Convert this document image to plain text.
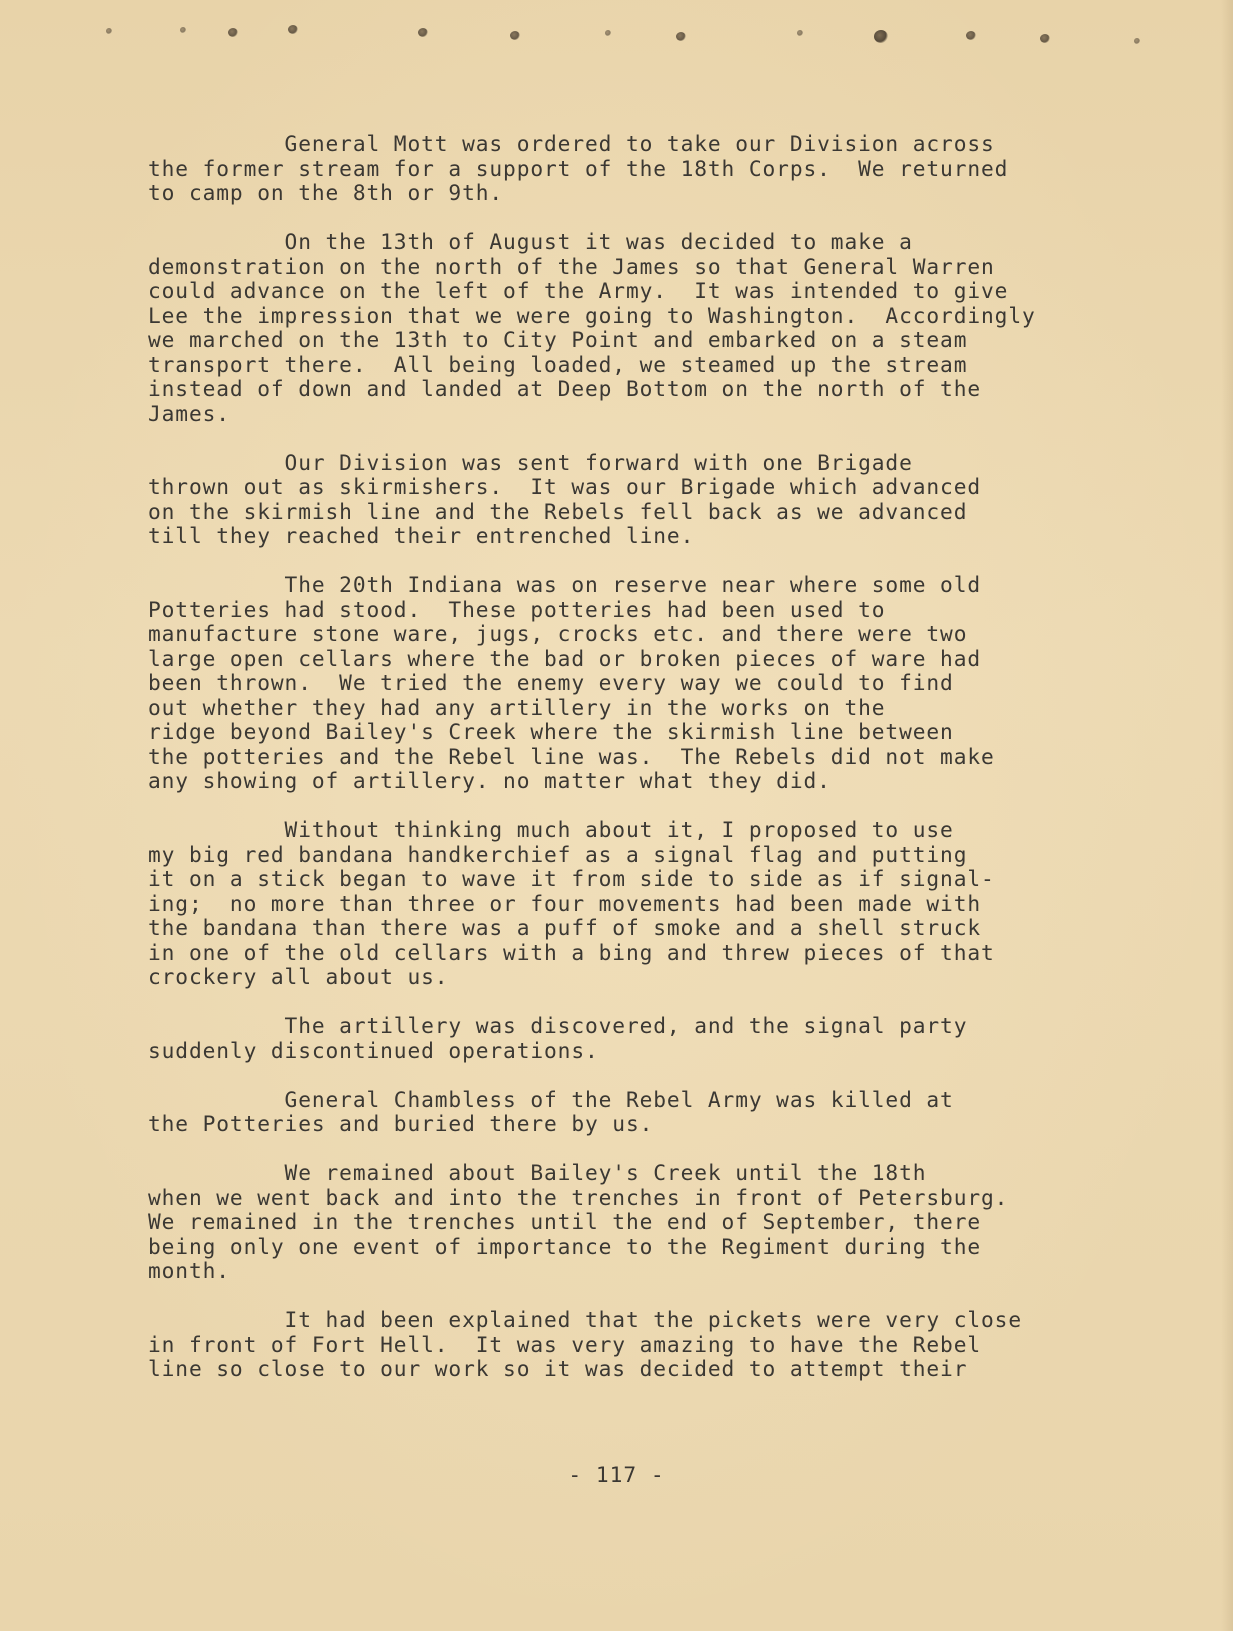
General Mott was ordered to take our Division across
the former stream for a support of the 18th Corps.  We returned
to camp on the 8th or 9th.
On the 13th of August it was decided to make a
demonstration on the north of the James so that General Warren
could advance on the left of the Army.  It was intended to give
Lee the impression that we were going to Washington.  Accordingly
we marched on the 13th to City Point and embarked on a steam
transport there.  All being loaded, we steamed up the stream
instead of down and landed at Deep Bottom on the north of the
James.
Our Division was sent forward with one Brigade
thrown out as skirmishers.  It was our Brigade which advanced
on the skirmish line and the Rebels fell back as we advanced
till they reached their entrenched line.
The 20th Indiana was on reserve near where some old
Potteries had stood.  These potteries had been used to
manufacture stone ware, jugs, crocks etc. and there were two
large open cellars where the bad or broken pieces of ware had
been thrown.  We tried the enemy every way we could to find
out whether they had any artillery in the works on the
ridge beyond Bailey's Creek where the skirmish line between
the potteries and the Rebel line was.  The Rebels did not make
any showing of artillery. no matter what they did.
Without thinking much about it, I proposed to use
my big red bandana handkerchief as a signal flag and putting
it on a stick began to wave it from side to side as if signal-
ing;  no more than three or four movements had been made with
the bandana than there was a puff of smoke and a shell struck
in one of the old cellars with a bing and threw pieces of that
crockery all about us.
The artillery was discovered, and the signal party
suddenly discontinued operations.
General Chambless of the Rebel Army was killed at
the Potteries and buried there by us.
We remained about Bailey's Creek until the 18th
when we went back and into the trenches in front of Petersburg.
We remained in the trenches until the end of September, there
being only one event of importance to the Regiment during the
month.
It had been explained that the pickets were very close
in front of Fort Hell.  It was very amazing to have the Rebel
line so close to our work so it was decided to attempt their
- 117 -
